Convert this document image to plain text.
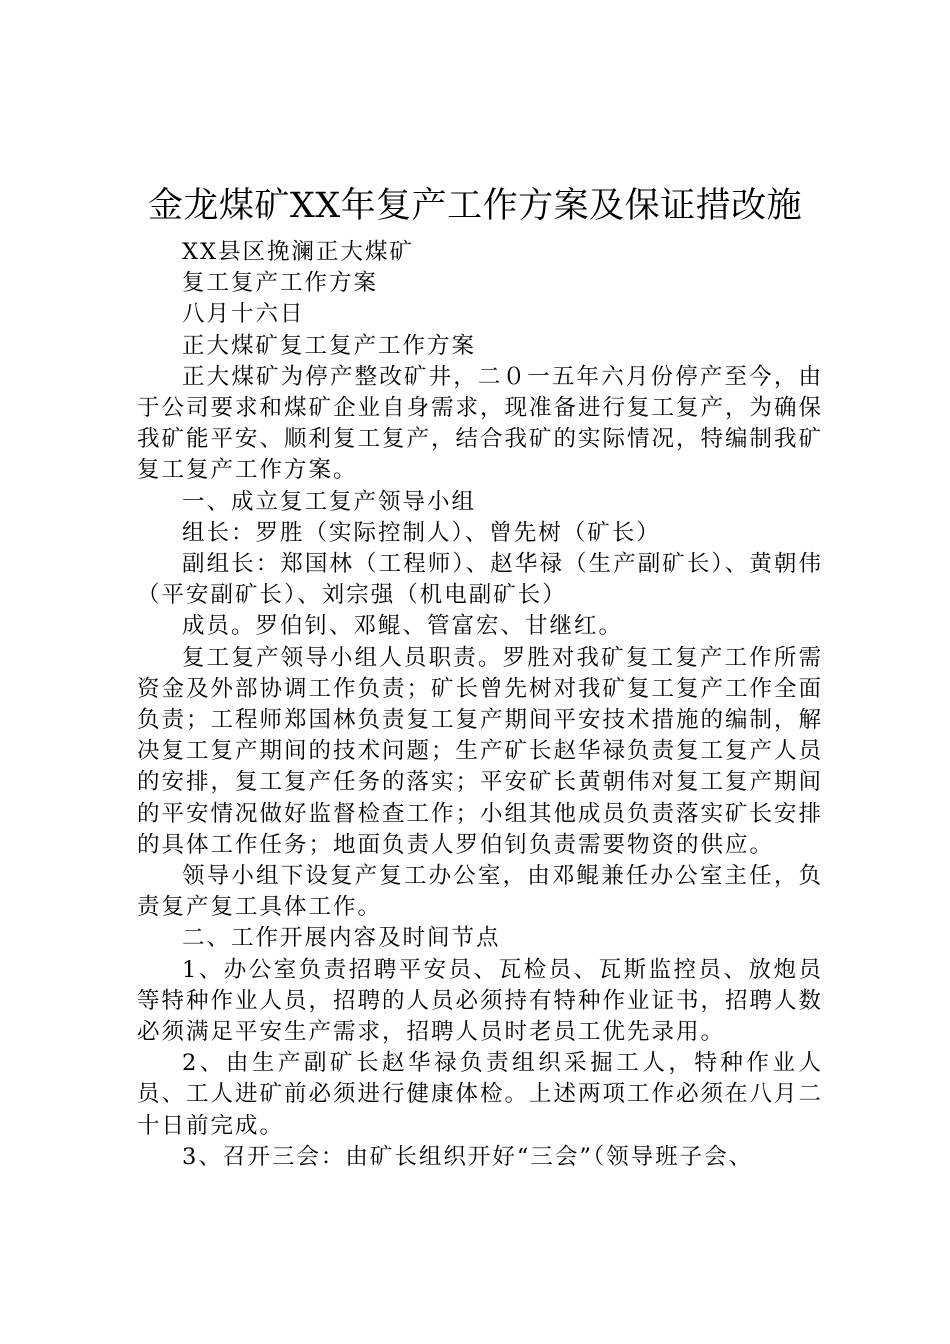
金龙煤矿XX年复产工作方案及保证措改施

XX县区挽澜正大煤矿

复工复产工作方案

八月十六日

正大煤矿复工复产工作方案

正大煤矿为停产整改矿井，二０一五年六月份停产至今，由于公司要求和煤矿企业自身需求，现准备进行复工复产，为确保我矿能平安、顺利复工复产，结合我矿的实际情况，特编制我矿复工复产工作方案。

一、成立复工复产领导小组

组长：罗胜（实际控制人）、曾先树（矿长）

副组长：郑国林（工程师）、赵华禄（生产副矿长）、黄朝伟（平安副矿长）、刘宗强（机电副矿长）

成员。罗伯钊、邓鲲、管富宏、甘继红。

复工复产领导小组人员职责。罗胜对我矿复工复产工作所需资金及外部协调工作负责；矿长曾先树对我矿复工复产工作全面负责；工程师郑国林负责复工复产期间平安技术措施的编制，解决复工复产期间的技术问题；生产矿长赵华禄负责复工复产人员的安排，复工复产任务的落实；平安矿长黄朝伟对复工复产期间的平安情况做好监督检查工作；小组其他成员负责落实矿长安排的具体工作任务；地面负责人罗伯钊负责需要物资的供应。

领导小组下设复产复工办公室，由邓鲲兼任办公室主任，负责复产复工具体工作。

二、工作开展内容及时间节点

1、办公室负责招聘平安员、瓦检员、瓦斯监控员、放炮员等特种作业人员，招聘的人员必须持有特种作业证书，招聘人数必须满足平安生产需求，招聘人员时老员工优先录用。

2、由生产副矿长赵华禄负责组织采掘工人，特种作业人员、工人进矿前必须进行健康体检。上述两项工作必须在八月二十日前完成。

3、召开三会：由矿长组织开好“三会”（领导班子会、
